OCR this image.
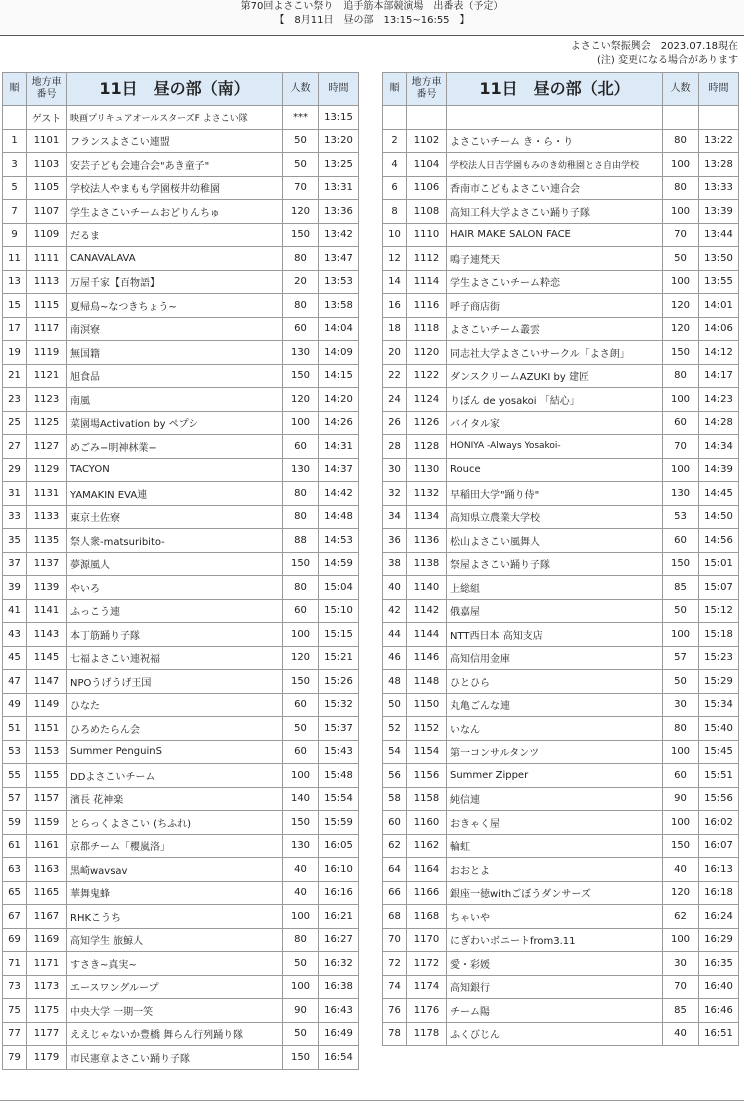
第70回よさこい祭り　追手筋本部競演場　出番表（予定）
【　8月11日　昼の部　13:15~16:55　】
よさこい祭振興会　2023.07.18現在
(注) 変更になる場合があります
順	地方車番号	11日　昼の部（南）	人数	時間
	ゲスト	映画プリキュアオールスターズF よさこい隊	***	13:15
1	1101	フランスよさこい連盟	50	13:20
3	1103	安芸子ども会連合会"あき童子"	50	13:25
5	1105	学校法人やまもも学園桜井幼稚園	70	13:31
7	1107	学生よさこいチームおどりんちゅ	120	13:36
9	1109	だるま	150	13:42
11	1111	CANAVALAVA	80	13:47
13	1113	万屋千家【百物語】	20	13:53
15	1115	夏帰鳥~なつきちょう~	80	13:58
17	1117	南溟寮	60	14:04
19	1119	無国籍	130	14:09
21	1121	旭食品	150	14:15
23	1123	南風	120	14:20
25	1125	菜園場Activation by ペプシ	100	14:26
27	1127	めごみ−明神林業−	60	14:31
29	1129	TACYON	130	14:37
31	1131	YAMAKIN EVA連	80	14:42
33	1133	東京土佐寮	80	14:48
35	1135	祭人衆-matsuribito-	88	14:53
37	1137	夢源風人	150	14:59
39	1139	やいろ	80	15:04
41	1141	ふっこう連	60	15:10
43	1143	本丁筋踊り子隊	100	15:15
45	1145	七福よさこい連祝福	120	15:21
47	1147	NPOうげうげ王国	150	15:26
49	1149	ひなた	60	15:32
51	1151	ひろめたらん会	50	15:37
53	1153	Summer PenguinS	60	15:43
55	1155	DDよさこいチーム	100	15:48
57	1157	濱長 花神楽	140	15:54
59	1159	とらっくよさこい (ちふれ)	150	15:59
61	1161	京都チーム「櫻嵐洛」	130	16:05
63	1163	黒崎wavsav	40	16:10
65	1165	華舞鬼蜂	40	16:16
67	1167	RHKこうち	100	16:21
69	1169	高知学生 旅鯨人	80	16:27
71	1171	すさき~真実~	50	16:32
73	1173	エースワングループ	100	16:38
75	1175	中央大学 一期一笑	90	16:43
77	1177	ええじゃないか豊橋 舞らん行列踊り隊	50	16:49
79	1179	市民憲章よさこい踊り子隊	150	16:54
順	地方車番号	11日　昼の部（北）	人数	時間

2	1102	よさこいチーム き・ら・り	80	13:22
4	1104	学校法人日吉学園もみのき幼稚園とさ自由学校	100	13:28
6	1106	香南市こどもよさこい連合会	80	13:33
8	1108	高知工科大学よさこい踊り子隊	100	13:39
10	1110	HAIR MAKE SALON FACE	70	13:44
12	1112	鳴子連梵天	50	13:50
14	1114	学生よさこいチーム粋恋	100	13:55
16	1116	呼子商店街	120	14:01
18	1118	よさこいチーム叢雲	120	14:06
20	1120	同志社大学よさこいサークル「よさ朗」	150	14:12
22	1122	ダンスクリームAZUKI by 建匠	80	14:17
24	1124	りぼん de yosakoi 「結心」	100	14:23
26	1126	バイタル家	60	14:28
28	1128	HONIYA -Always Yosakoi-	70	14:34
30	1130	Rouce	100	14:39
32	1132	早稲田大学"踊り侍"	130	14:45
34	1134	高知県立農業大学校	53	14:50
36	1136	松山よさこい風舞人	60	14:56
38	1138	祭屋よさこい踊り子隊	150	15:01
40	1140	上総組	85	15:07
42	1142	俄嘉屋	50	15:12
44	1144	NTT西日本 高知支店	100	15:18
46	1146	高知信用金庫	57	15:23
48	1148	ひとひら	50	15:29
50	1150	丸亀ごんな連	30	15:34
52	1152	いなん	80	15:40
54	1154	第一コンサルタンツ	100	15:45
56	1156	Summer Zipper	60	15:51
58	1158	純信連	90	15:56
60	1160	おきゃく屋	100	16:02
62	1162	輪虹	150	16:07
64	1164	おおとよ	40	16:13
66	1166	銀座一徳withごぼうダンサーズ	120	16:18
68	1168	ちゃいや	62	16:24
70	1170	にぎわいボニートfrom3.11	100	16:29
72	1172	愛・彩媛	30	16:35
74	1174	高知銀行	70	16:40
76	1176	チーム陽	85	16:46
78	1178	ふくびじん	40	16:51
